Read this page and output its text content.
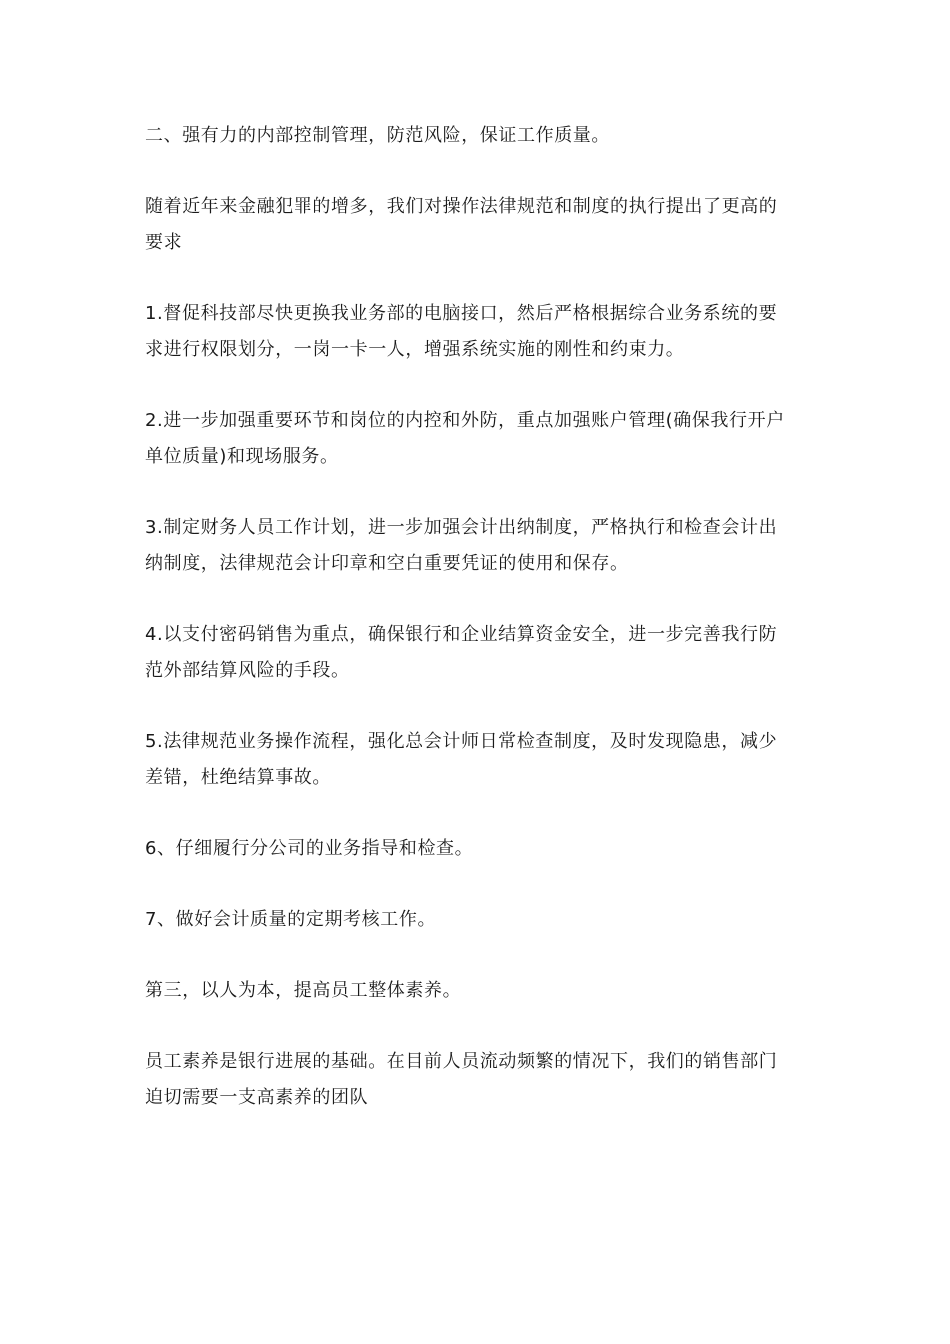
二、强有力的内部控制管理，防范风险，保证工作质量。

随着近年来金融犯罪的增多，我们对操作法律规范和制度的执行提出了更高的
要求

1.督促科技部尽快更换我业务部的电脑接口，然后严格根据综合业务系统的要
求进行权限划分，一岗一卡一人，增强系统实施的刚性和约束力。

2.进一步加强重要环节和岗位的内控和外防，重点加强账户管理(确保我行开户
单位质量)和现场服务。

3.制定财务人员工作计划，进一步加强会计出纳制度，严格执行和检查会计出
纳制度，法律规范会计印章和空白重要凭证的使用和保存。

4.以支付密码销售为重点，确保银行和企业结算资金安全，进一步完善我行防
范外部结算风险的手段。

5.法律规范业务操作流程，强化总会计师日常检查制度，及时发现隐患，减少
差错，杜绝结算事故。

6、仔细履行分公司的业务指导和检查。

7、做好会计质量的定期考核工作。

第三，以人为本，提高员工整体素养。

员工素养是银行进展的基础。在目前人员流动频繁的情况下，我们的销售部门
迫切需要一支高素养的团队
